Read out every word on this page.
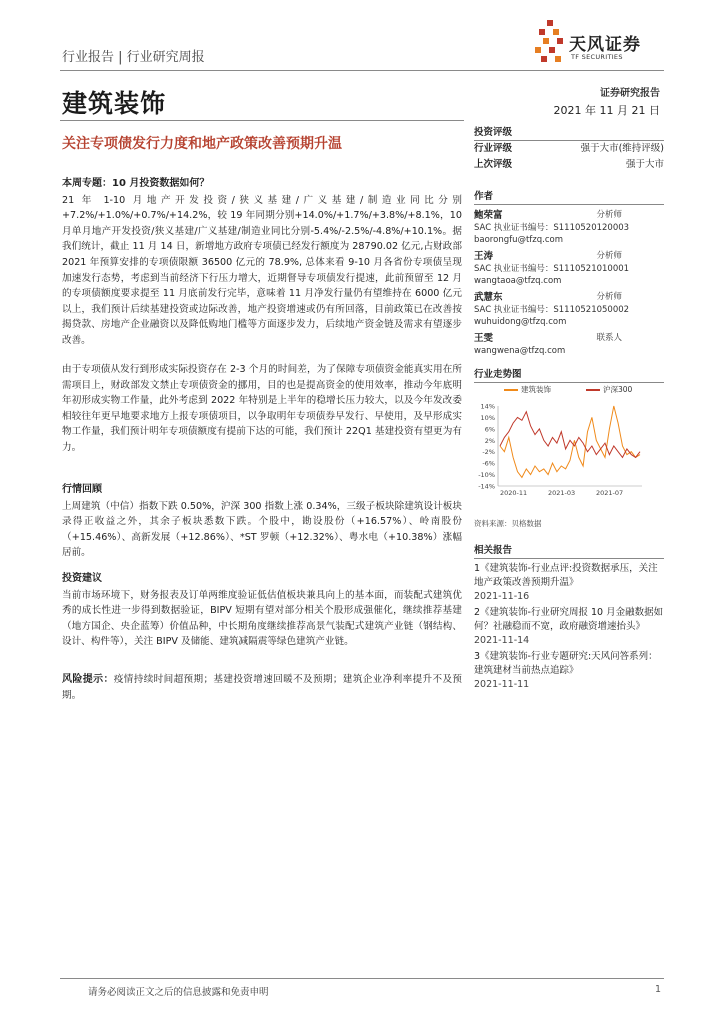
行业报告 | 行业研究周报
天风证券
TF SECURITIES
建筑装饰	证券研究报告
2021 年 11 月 21 日
关注专项债发行力度和地产政策改善预期升温
本周专题：10 月投资数据如何？
21 年 1-10 月地产开发投资/狭义基建/广义基建/制造业同比分别+7.2%/+1.0%/+0.7%/+14.2%，较 19 年同期分别+14.0%/+1.7%/+3.8%/+8.1%，10 月单月地产开发投资/狭义基建/广义基建/制造业同比分别-5.4%/-2.5%/-4.8%/+10.1%。据我们统计，截止 11 月 14 日，新增地方政府专项债已经发行额度为 28790.02 亿元,占财政部 2021 年预算安排的专项债限额 36500 亿元的 78.9%, 总体来看 9-10 月各省份专项债呈现加速发行态势，考虑到当前经济下行压力增大，近期督导专项债发行提速，此前预留至 12 月的专项债额度要求提至 11 月底前发行完毕，意味着 11 月净发行量仍有望维持在 6000 亿元以上，我们预计后续基建投资或边际改善，地产投资增速或仍有所回落，目前政策已在改善按揭贷款、房地产企业融资以及降低购地门槛等方面逐步发力，后续地产资金链及需求有望逐步改善。
由于专项债从发行到形成实际投资存在 2-3 个月的时间差，为了保障专项债资金能真实用在所需项目上，财政部发文禁止专项债资金的挪用，目的也是提高资金的使用效率，推动今年底明年初形成实物工作量，此外考虑到 2022 年特别是上半年的稳增长压力较大，以及今年发改委相较往年更早地要求地方上报专项债项目，以争取明年专项债券早发行、早使用，及早形成实物工作量，我们预计明年专项债额度有提前下达的可能，我们预计 22Q1 基建投资有望更为有力。
行情回顾
上周建筑（中信）指数下跌 0.50%，沪深 300 指数上涨 0.34%，三级子板块除建筑设计板块录得正收益之外，其余子板块悉数下跌。个股中，勘设股份（+16.57%）、岭南股份（+15.46%）、高新发展（+12.86%）、*ST 罗顿（+12.32%）、粤水电（+10.38%）涨幅居前。
投资建议
当前市场环境下，财务报表及订单两维度验证低估值板块兼具向上的基本面，而装配式建筑优秀的成长性进一步得到数据验证，BIPV 短期有望对部分相关个股形成强催化，继续推荐基建（地方国企、央企蓝筹）价值品种，中长期角度继续推荐高景气装配式建筑产业链（钢结构、设计、构件等），关注 BIPV 及储能、建筑减隔震等绿色建筑产业链。
风险提示：疫情持续时间超预期；基建投资增速回暖不及预期；建筑企业净利率提升不及预期。
投资评级
行业评级	强于大市(维持评级)
上次评级	强于大市
作者
鲍荣富	分析师
SAC 执业证书编号：S1110520120003
baorongfu@tfzq.com
王涛	分析师
SAC 执业证书编号：S1110521010001
wangtaoa@tfzq.com
武慧东	分析师
SAC 执业证书编号：S1110521050002
wuhuidong@tfzq.com
王雯	联系人
wangwena@tfzq.com
行业走势图
建筑装饰	沪深300
14%
10%
6%
2%
-2%
-6%
-10%
-14%
2020-11	2021-03	2021-07
资料来源：贝格数据
相关报告
1《建筑装饰-行业点评:投资数据承压，关注地产政策改善预期升温》
2021-11-16
2《建筑装饰-行业研究周报 10 月金融数据如何？社融稳而不宽，政府融资增速抬头》
2021-11-14
3《建筑装饰-行业专题研究:天风问答系列：建筑建材当前热点追踪》
2021-11-11
请务必阅读正文之后的信息披露和免责申明	1
